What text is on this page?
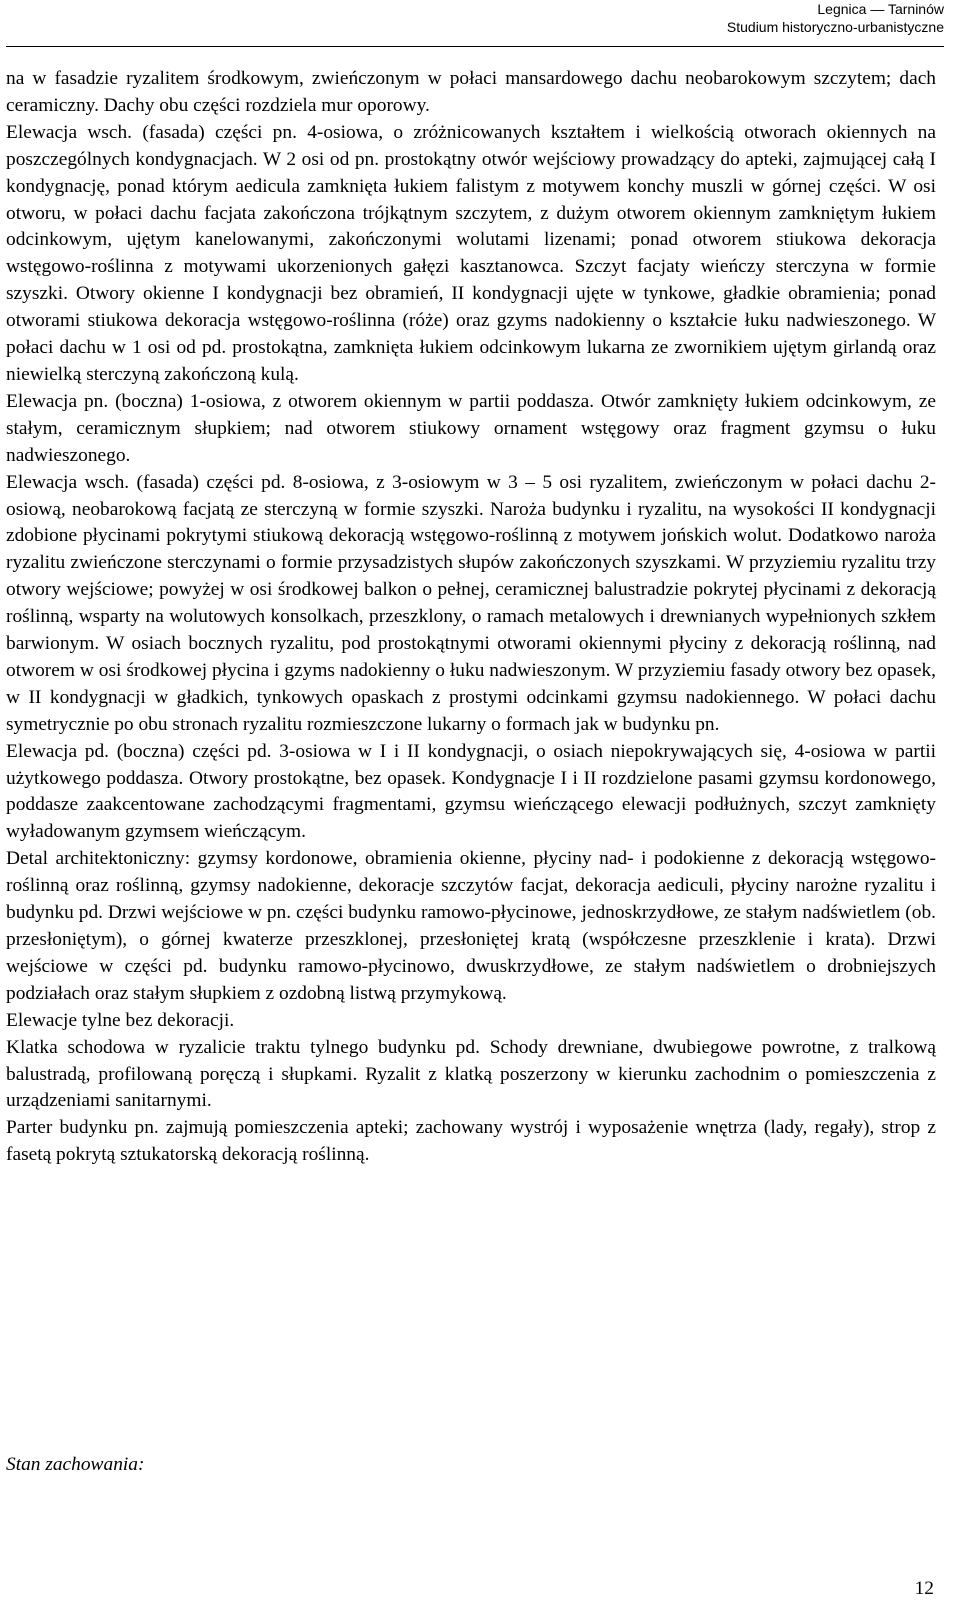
Legnica — Tarninów
Studium historyczno-urbanistyczne

na w fasadzie ryzalitem środkowym, zwieńczonym w połaci mansardowego dachu neobarokowym szczytem; dach ceramiczny. Dachy obu części rozdziela mur oporowy.

Elewacja wsch. (fasada) części pn. 4-osiowa, o zróżnicowanych kształtem i wielkością otworach okiennych na poszczególnych kondygnacjach. W 2 osi od pn. prostokątny otwór wejściowy prowadzący do apteki, zajmującej całą I kondygnację, ponad którym aedicula zamknięta łukiem falistym z motywem konchy muszli w górnej części. W osi otworu, w połaci dachu facjata zakończona trójkątnym szczytem, z dużym otworem okiennym zamkniętym łukiem odcinkowym, ujętym kanelowanymi, zakończonymi wolutami lizenami; ponad otworem stiukowa dekoracja wstęgowo-roślinna z motywami ukorzenionych gałęzi kasztanowca. Szczyt facjaty wieńczy sterczyna w formie szyszki. Otwory okienne I kondygnacji bez obramień, II kondygnacji ujęte w tynkowe, gładkie obramienia; ponad otworami stiukowa dekoracja wstęgowo-roślinna (róże) oraz gzyms nadokienny o kształcie łuku nadwieszonego. W połaci dachu w 1 osi od pd. prostokątna, zamknięta łukiem odcinkowym lukarna ze zwornikiem ujętym girlandą oraz niewielką sterczyną zakończoną kulą.

Elewacja pn. (boczna) 1-osiowa, z otworem okiennym w partii poddasza. Otwór zamknięty łukiem odcinkowym, ze stałym, ceramicznym słupkiem; nad otworem stiukowy ornament wstęgowy oraz fragment gzymsu o łuku nadwieszonego.

Elewacja wsch. (fasada) części pd. 8-osiowa, z 3-osiowym w 3 – 5 osi ryzalitem, zwieńczonym w połaci dachu 2-osiową, neobarokową facjatą ze sterczyną w formie szyszki. Naroża budynku i ryzalitu, na wysokości II kondygnacji zdobione płycinami pokrytymi stiukową dekoracją wstęgowo-roślinną z motywem jońskich wolut. Dodatkowo naroża ryzalitu zwieńczone sterczynami o formie przysadzistych słupów zakończonych szyszkami. W przyziemiu ryzalitu trzy otwory wejściowe; powyżej w osi środkowej balkon o pełnej, ceramicznej balustradzie pokrytej płycinami z dekoracją roślinną, wsparty na wolutowych konsolkach, przeszklony, o ramach metalowych i drewnianych wypełnionych szkłem barwionym. W osiach bocznych ryzalitu, pod prostokątnymi otworami okiennymi płyciny z dekoracją roślinną, nad otworem w osi środkowej płycina i gzyms nadokienny o łuku nadwieszonym. W przyziemiu fasady otwory bez opasek, w II kondygnacji w gładkich, tynkowych opaskach z prostymi odcinkami gzymsu nadokiennego. W połaci dachu symetrycznie po obu stronach ryzalitu rozmieszczone lukarny o formach jak w budynku pn.

Elewacja pd. (boczna) części pd. 3-osiowa w I i II kondygnacji, o osiach niepokrywających się, 4-osiowa w partii użytkowego poddasza. Otwory prostokątne, bez opasek. Kondygnacje I i II rozdzielone pasami gzymsu kordonowego, poddasze zaakcentowane zachodzącymi fragmentami, gzymsu wieńczącego elewacji podłużnych, szczyt zamknięty wyładowanym gzymsem wieńczącym.

Detal architektoniczny: gzymsy kordonowe, obramienia okienne, płyciny nad- i podokienne z dekoracją wstęgowo-roślinną oraz roślinną, gzymsy nadokienne, dekoracje szczytów facjat, dekoracja aediculi, płyciny narożne ryzalitu i budynku pd. Drzwi wejściowe w pn. części budynku ramowo-płycinowe, jednoskrzydłowe, ze stałym nadświetlem (ob. przesłoniętym), o górnej kwaterze przeszklonej, przesłoniętej kratą (współczesne przeszklenie i krata). Drzwi wejściowe w części pd. budynku ramowo-płycinowo, dwuskrzydłowe, ze stałym nadświetlem o drobniejszych podziałach oraz stałym słupkiem z ozdobną listwą przymykową.

Elewacje tylne bez dekoracji.

Klatka schodowa w ryzalicie traktu tylnego budynku pd. Schody drewniane, dwubiegowe powrotne, z tralkową balustradą, profilowaną poręczą i słupkami. Ryzalit z klatką poszerzony w kierunku zachodnim o pomieszczenia z urządzeniami sanitarnymi.

Parter budynku pn. zajmują pomieszczenia apteki; zachowany wystrój i wyposażenie wnętrza (lady, regały), strop z fasetą pokrytą sztukatorską dekoracją roślinną.

Stan zachowania:
12
